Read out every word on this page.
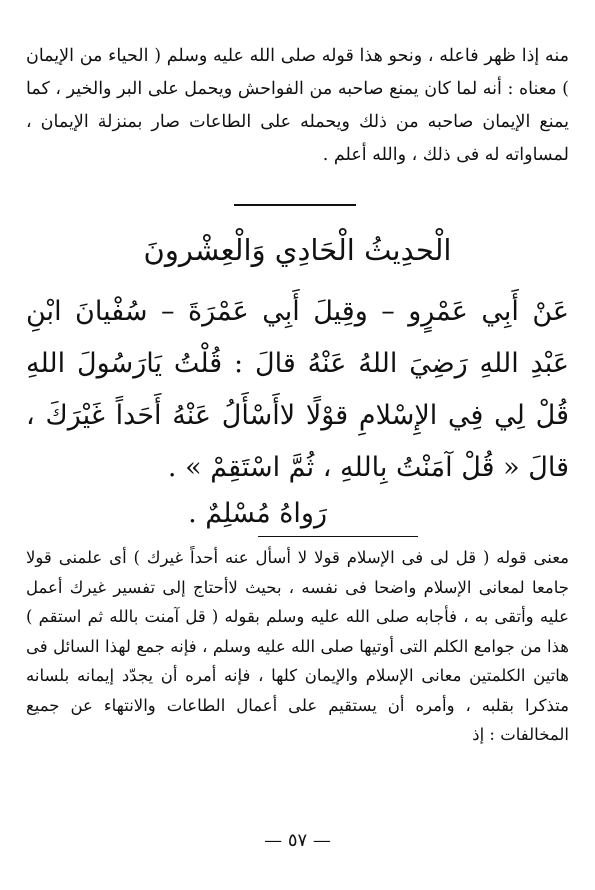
منه إذا ظهر فاعله ، ونحو هذا قوله صلى الله عليه وسلم ( الحياء من الإيمان ) معناه : أنه لما كان يمنع صاحبه من الفواحش ويحمل على البر والخير ، كما يمنع الإيمان صاحبه من ذلك ويحمله على الطاعات صار بمنزلة الإيمان ، لمساواته له فى ذلك ، والله أعلم .

الْحدِيثُ الْحَادِي وَالْعِشْرونَ

عَنْ أَبِي عَمْرٍو – وقِيلَ أَبِي عَمْرَةَ – سُفْيانَ ابْنِ عَبْدِ اللهِ رَضِيَ اللهُ عَنْهُ قالَ : قُلْتُ يَارَسُولَ اللهِ قُلْ لِي فِي الإِسْلامِ قوْلًا لاأَسْأَلُ عَنْهُ أَحَداً غَيْرَكَ ، قالَ « قُلْ آمَنْتُ بِاللهِ ، ثُمَّ اسْتَقِمْ » .

رَواهُ مُسْلِمٌ .

معنى قوله ( قل لى فى الإسلام قولا لا أسأل عنه أحداً غيرك ) أى علمنى قولا جامعا لمعانى الإسلام واضحا فى نفسه ، بحيث لاأحتاج إلى تفسير غيرك أعمل عليه وأتقى به ، فأجابه صلى الله عليه وسلم بقوله ( قل آمنت بالله ثم استقم ) هذا من جوامع الكلم التى أوتيها صلى الله عليه وسلم ، فإنه جمع لهذا السائل فى هاتين الكلمتين معانى الإسلام والإيمان كلها ، فإنه أمره أن يجدّد إيمانه بلسانه متذكرا بقلبه ، وأمره أن يستقيم على أعمال الطاعات والانتهاء عن جميع المخالفات : إذ

— ٥٧ —
